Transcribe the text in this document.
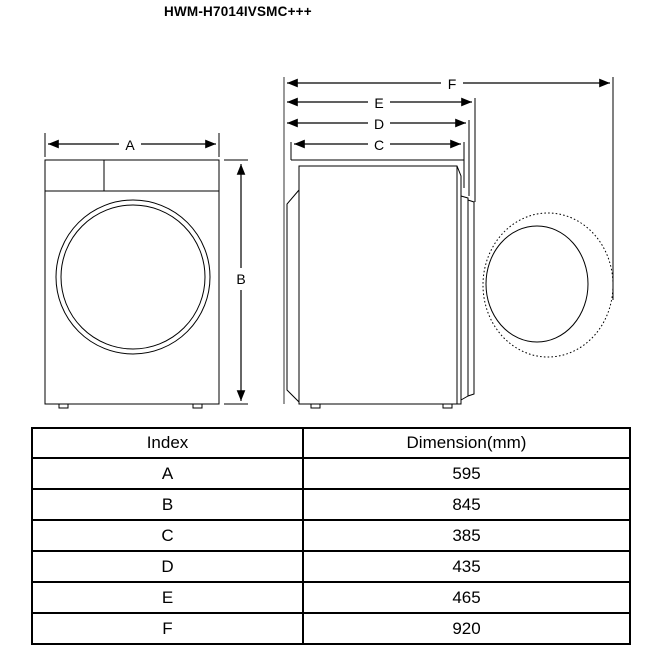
HWM-H7014IVSMC+++
A
B
F
E
D
C
Index	Dimension(mm)
A	595
B	845
C	385
D	435
E	465
F	920
